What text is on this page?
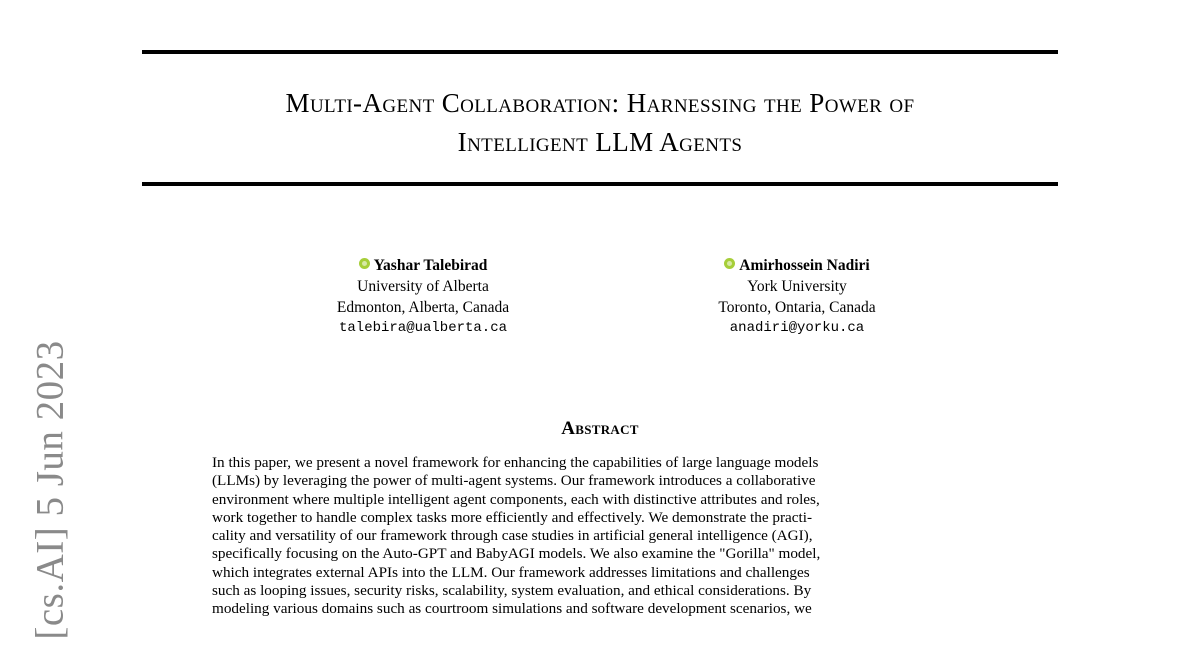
Multi-Agent Collaboration: Harnessing the Power of
Intelligent LLM Agents
Yashar Talebirad
University of Alberta
Edmonton, Alberta, Canada
talebira@ualberta.ca
Amirhossein Nadiri
York University
Toronto, Ontaria, Canada
anadiri@yorku.ca
Abstract
In this paper, we present a novel framework for enhancing the capabilities of large language models
(LLMs) by leveraging the power of multi-agent systems. Our framework introduces a collaborative
environment where multiple intelligent agent components, each with distinctive attributes and roles,
work together to handle complex tasks more efficiently and effectively. We demonstrate the practi-
cality and versatility of our framework through case studies in artificial general intelligence (AGI),
specifically focusing on the Auto-GPT and BabyAGI models. We also examine the "Gorilla" model,
which integrates external APIs into the LLM. Our framework addresses limitations and challenges
such as looping issues, security risks, scalability, system evaluation, and ethical considerations. By
modeling various domains such as courtroom simulations and software development scenarios, we
[cs.AI] 5 Jun 2023
